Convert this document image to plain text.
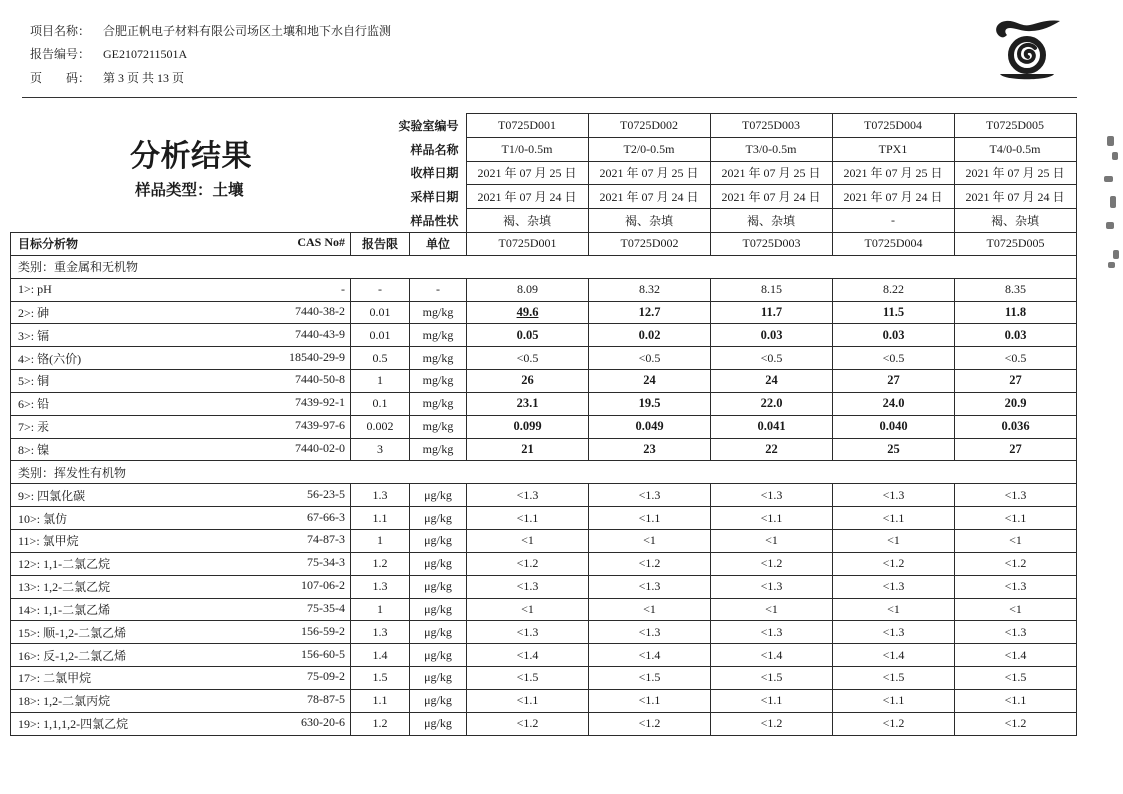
项目名称： 合肥正帆电子材料有限公司场区土壤和地下水自行监测
报告编号： GE2107211501A
页　　码： 第 3 页 共 13 页
分析结果
样品类型：土壤
实验室编号	T0725D001	T0725D002	T0725D003	T0725D004	T0725D005
样品名称	T1/0-0.5m	T2/0-0.5m	T3/0-0.5m	TPX1	T4/0-0.5m
收样日期	2021 年 07 月 25 日	2021 年 07 月 25 日	2021 年 07 月 25 日	2021 年 07 月 25 日	2021 年 07 月 25 日
采样日期	2021 年 07 月 24 日	2021 年 07 月 24 日	2021 年 07 月 24 日	2021 年 07 月 24 日	2021 年 07 月 24 日
样品性状	褐、杂填	褐、杂填	褐、杂填	-	褐、杂填
目标分析物 CAS No#	报告限	单位	T0725D001	T0725D002	T0725D003	T0725D004	T0725D005
类别：重金属和无机物							

1>: pH -	-	-	8.09	8.32	8.15	8.22	8.35

2>: 砷 7440-38-2	0.01	mg/kg	49.6	12.7	11.7	11.5	11.8

3>: 镉 7440-43-9	0.01	mg/kg	0.05	0.02	0.03	0.03	0.03

4>: 铬(六价) 18540-29-9	0.5	mg/kg	<0.5	<0.5	<0.5	<0.5	<0.5

5>: 铜 7440-50-8	1	mg/kg	26	24	24	27	27

6>: 铅 7439-92-1	0.1	mg/kg	23.1	19.5	22.0	24.0	20.9

7>: 汞 7439-97-6	0.002	mg/kg	0.099	0.049	0.041	0.040	0.036

8>: 镍 7440-02-0	3	mg/kg	21	23	22	25	27
类别：挥发性有机物							

9>: 四氯化碳 56-23-5	1.3	μg/kg	<1.3	<1.3	<1.3	<1.3	<1.3

10>: 氯仿 67-66-3	1.1	μg/kg	<1.1	<1.1	<1.1	<1.1	<1.1

11>: 氯甲烷 74-87-3	1	μg/kg	<1	<1	<1	<1	<1

12>: 1,1-二氯乙烷 75-34-3	1.2	μg/kg	<1.2	<1.2	<1.2	<1.2	<1.2

13>: 1,2-二氯乙烷 107-06-2	1.3	μg/kg	<1.3	<1.3	<1.3	<1.3	<1.3

14>: 1,1-二氯乙烯 75-35-4	1	μg/kg	<1	<1	<1	<1	<1

15>: 顺-1,2-二氯乙烯 156-59-2	1.3	μg/kg	<1.3	<1.3	<1.3	<1.3	<1.3

16>: 反-1,2-二氯乙烯 156-60-5	1.4	μg/kg	<1.4	<1.4	<1.4	<1.4	<1.4

17>: 二氯甲烷 75-09-2	1.5	μg/kg	<1.5	<1.5	<1.5	<1.5	<1.5

18>: 1,2-二氯丙烷 78-87-5	1.1	μg/kg	<1.1	<1.1	<1.1	<1.1	<1.1

19>: 1,1,1,2-四氯乙烷 630-20-6	1.2	μg/kg	<1.2	<1.2	<1.2	<1.2	<1.2
